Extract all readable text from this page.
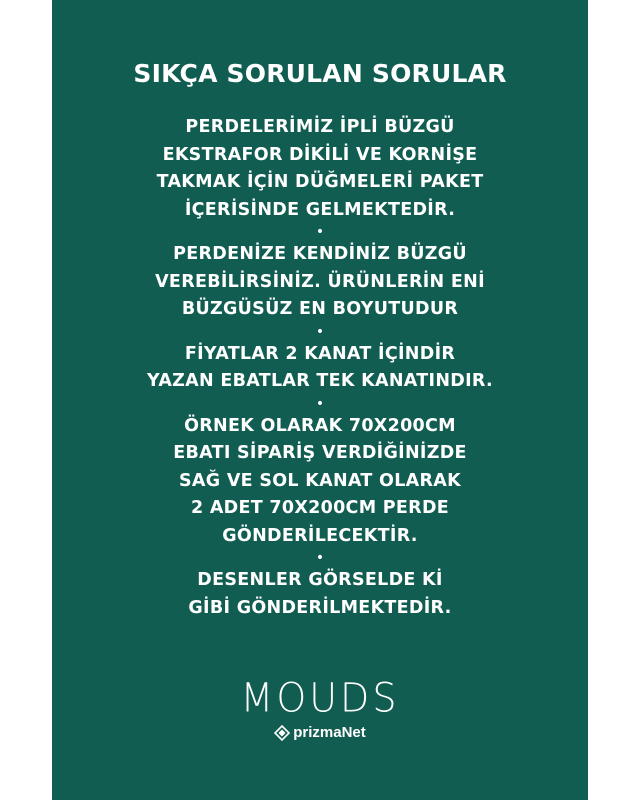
SIKÇA SORULAN SORULAR
PERDELERİMİZ İPLİ BÜZGÜ
EKSTRAFOR DİKİLİ VE KORNİŞE
TAKMAK İÇİN DÜĞMELERİ PAKET
İÇERİSİNDE GELMEKTEDİR.
•
PERDENİZE KENDİNİZ BÜZGÜ
VEREBİLİRSİNİZ. ÜRÜNLERİN ENİ
BÜZGÜSÜZ EN BOYUTUDUR
•
FİYATLAR 2 KANAT İÇİNDİR
YAZAN EBATLAR TEK KANATINDIR.
•
ÖRNEK OLARAK 70X200CM
EBATI SİPARİŞ VERDİĞİNİZDE
SAĞ VE SOL KANAT OLARAK
2 ADET 70X200CM PERDE
GÖNDERİLECEKTİR.
•
DESENLER GÖRSELDE Kİ
GİBİ GÖNDERİLMEKTEDİR.
MOUDS
prizmaNet
